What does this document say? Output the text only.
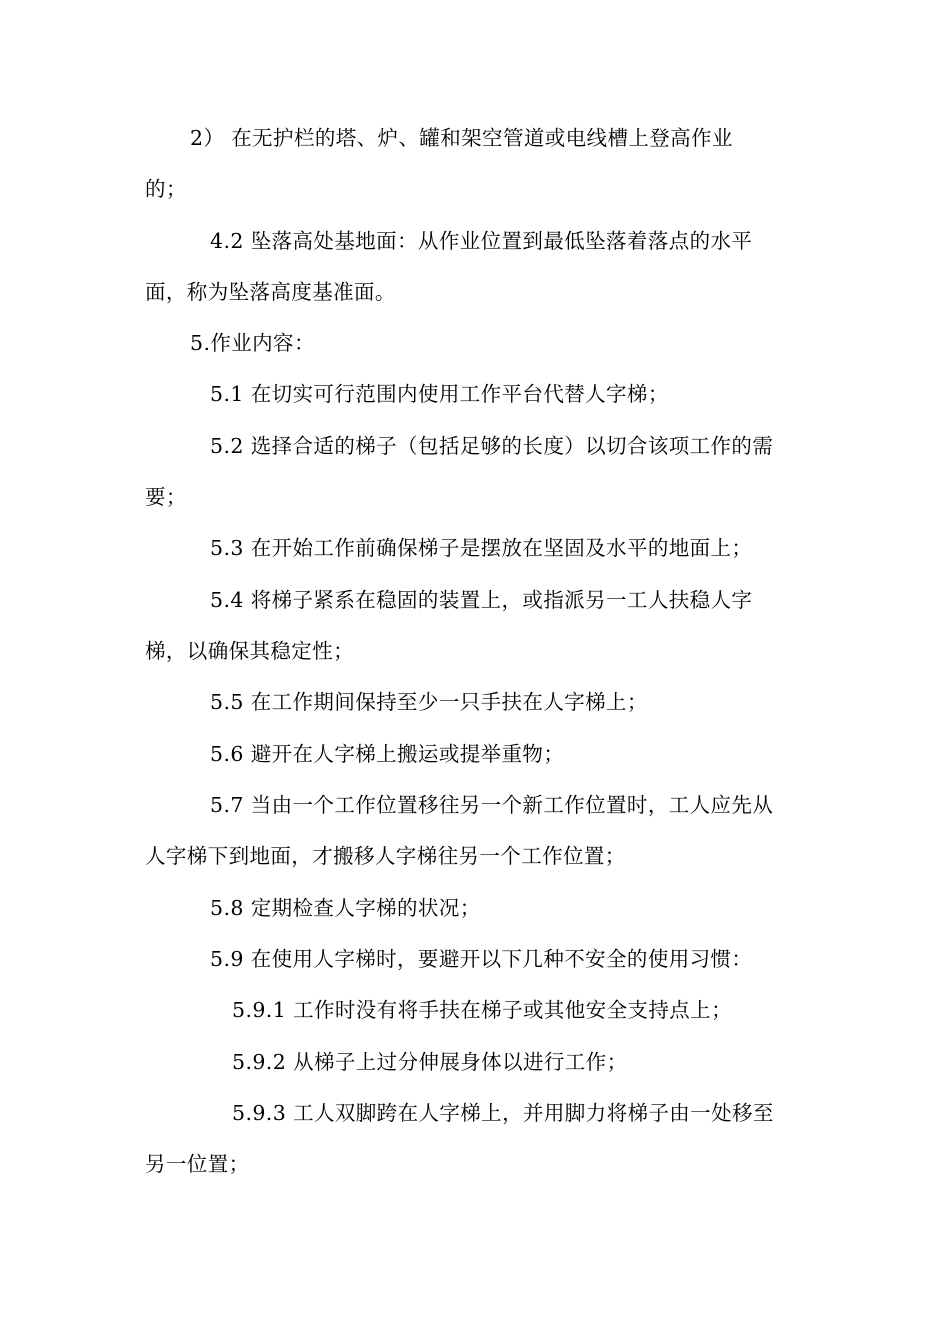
2） 在无护栏的塔、炉、罐和架空管道或电线槽上登高作业
的；
4.2 坠落高处基地面：从作业位置到最低坠落着落点的水平
面，称为坠落高度基准面。
5.作业内容：
5.1 在切实可行范围内使用工作平台代替人字梯；
5.2 选择合适的梯子（包括足够的长度）以切合该项工作的需
要；
5.3 在开始工作前确保梯子是摆放在坚固及水平的地面上；
5.4 将梯子紧系在稳固的装置上，或指派另一工人扶稳人字
梯，以确保其稳定性；
5.5 在工作期间保持至少一只手扶在人字梯上；
5.6 避开在人字梯上搬运或提举重物；
5.7 当由一个工作位置移往另一个新工作位置时，工人应先从
人字梯下到地面，才搬移人字梯往另一个工作位置；
5.8 定期检查人字梯的状况；
5.9 在使用人字梯时，要避开以下几种不安全的使用习惯：
5.9.1 工作时没有将手扶在梯子或其他安全支持点上；
5.9.2 从梯子上过分伸展身体以进行工作；
5.9.3 工人双脚跨在人字梯上，并用脚力将梯子由一处移至
另一位置；
